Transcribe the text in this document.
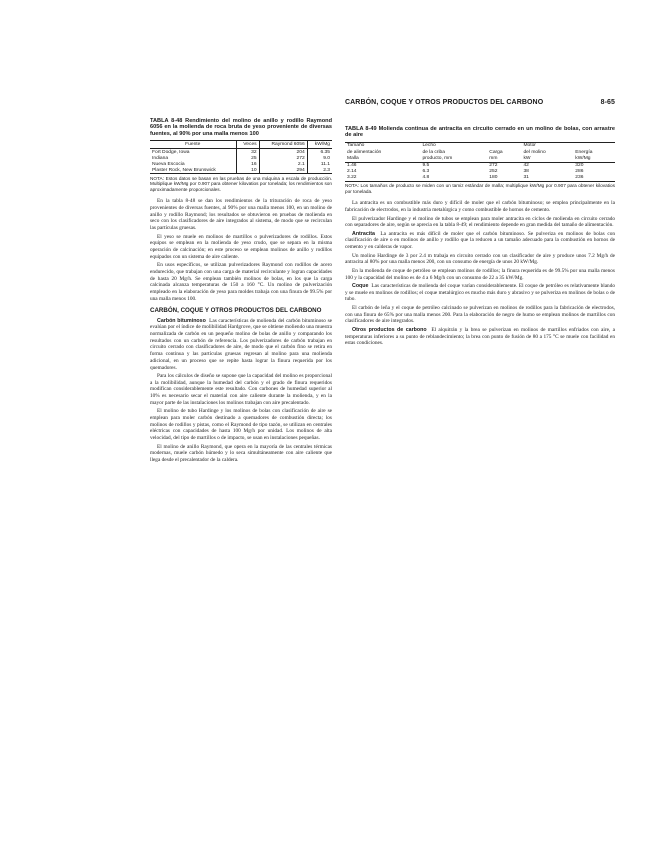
CARBÓN, COQUE Y OTROS PRODUCTOS DEL CARBONO	8-65
TABLA 8-48 Rendimiento del molino de anillo y rodillo Raymond 6056 en la molienda de roca bruta de yeso proveniente de diversas fuentes, al 90% por una malla menos 100
Fuente	Veces	Raymond 6056	kW/Mg
Fort Dodge, Iowa	32	204	6.35
Indiana	25	272	9.0
Nueva Escocia	16	2.1	11.1
Plaster Rock, New Brunswick	10	294	2.3
NOTA: Estos datos se basan en las pruebas de una máquina a escala de producción. Multiplique kW/Mg por 0.907 para obtener kilovatios por tonelada; los rendimientos son aproximadamente proporcionales.

En la tabla 8-48 se dan los rendimientos de la trituración de roca de yeso provenientes de diversas fuentes, al 90% por una malla menos 100, en un molino de anillo y rodillo Raymond; los resultados se obtuvieron en pruebas de molienda en seco con los clasificadores de aire integrados al sistema, de modo que se recirculan las partículas gruesas.

El yeso se muele en molinos de martillos o pulverizadores de rodillos. Estos equipos se emplean en la molienda de yeso crudo, que se separa en la misma operación de calcinación; en este proceso se emplean molinos de anillo y rodillos equipados con un sistema de aire caliente.

En usos específicos, se utilizan pulverizadores Raymond con rodillos de acero endurecido, que trabajan con una carga de material recirculante y logran capacidades de hasta 20 Mg/h. Se emplean también molinos de bolas, en los que la carga calcinada alcanza temperaturas de 150 a 160 °C. Un molino de pulverización empleado en la elaboración de yeso para moldes trabaja con una finura de 99.5% por una malla menos 100.

CARBÓN, COQUE Y OTROS PRODUCTOS DEL CARBONO

Carbón bituminoso Las características de molienda del carbón bituminoso se evalúan por el índice de molibilidad Hardgrove, que se obtiene moliendo una muestra normalizada de carbón en un pequeño molino de bolas de anillo y comparando los resultados con un carbón de referencia. Los pulverizadores de carbón trabajan en circuito cerrado con clasificadores de aire, de modo que el carbón fino se retira en forma continua y las partículas gruesas regresan al molino para una molienda adicional, en un proceso que se repite hasta lograr la finura requerida por los quemadores.

Para los cálculos de diseño se supone que la capacidad del molino es proporcional a la molibilidad, aunque la humedad del carbón y el grado de finura requeridos modifican considerablemente este resultado. Con carbones de humedad superior al 10% es necesario secar el material con aire caliente durante la molienda, y en la mayor parte de las instalaciones los molinos trabajan con aire precalentado.

El molino de tubo Hardinge y los molinos de bolas con clasificación de aire se emplean para moler carbón destinado a quemadores de combustión directa; los molinos de rodillos y pistas, como el Raymond de tipo tazón, se utilizan en centrales eléctricas con capacidades de hasta 100 Mg/h por unidad. Los molinos de alta velocidad, del tipo de martillos o de impacto, se usan en instalaciones pequeñas.

El molino de anillo Raymond, que opera en la mayoría de las centrales térmicas modernas, muele carbón húmedo y lo seca simultáneamente con aire caliente que llega desde el precalentador de la caldera.

TABLA 8-49 Molienda continua de antracita en circuito cerrado en un molino de bolas, con arrastre de aire
Tamaño	Lecho		Motor	
de alimentación	de la criba	Carga	del molino	Energía
Malla	producto, mm	mm	kW	kW/Mg
1.46	9.5	272	42	320
2.14	6.3	252	38	286
3.22	4.8	180	31	236
NOTA: Los tamaños de producto se miden con un tamiz estándar de malla; multiplique kW/Mg por 0.907 para obtener kilovatios por tonelada.

La antracita es un combustible más duro y difícil de moler que el carbón bituminoso; se emplea principalmente en la fabricación de electrodos, en la industria metalúrgica y como combustible de hornos de cemento.

El pulverizador Hardinge y el molino de tubos se emplean para moler antracita en ciclos de molienda en circuito cerrado con separadores de aire, según se aprecia en la tabla 8-49; el rendimiento depende en gran medida del tamaño de alimentación.

Antracita La antracita es más difícil de moler que el carbón bituminoso. Se pulveriza en molinos de bolas con clasificación de aire o en molinos de anillo y rodillo que la reducen a un tamaño adecuado para la combustión en hornos de cemento y en calderas de vapor.

Un molino Hardinge de 3 por 2.4 m trabaja en circuito cerrado con un clasificador de aire y produce unos 7.2 Mg/h de antracita al 80% por una malla menos 200, con un consumo de energía de unos 20 kW/Mg.

En la molienda de coque de petróleo se emplean molinos de rodillos; la finura requerida es de 99.5% por una malla menos 100 y la capacidad del molino es de 4 a 6 Mg/h con un consumo de 22 a 35 kW/Mg.

Coque Las características de molienda del coque varían considerablemente. El coque de petróleo es relativamente blando y se muele en molinos de rodillos; el coque metalúrgico es mucho más duro y abrasivo y se pulveriza en molinos de bolas o de tubo.

El carbón de leña y el coque de petróleo calcinado se pulverizan en molinos de rodillos para la fabricación de electrodos, con una finura de 65% por una malla menos 200. Para la elaboración de negro de humo se emplean molinos de martillos con clasificadores de aire integrados.

Otros productos de carbono El alquitrán y la brea se pulverizan en molinos de martillos enfriados con aire, a temperaturas inferiores a su punto de reblandecimiento; la brea con punto de fusión de 80 a 175 °C se muele con facilidad en estas condiciones.
